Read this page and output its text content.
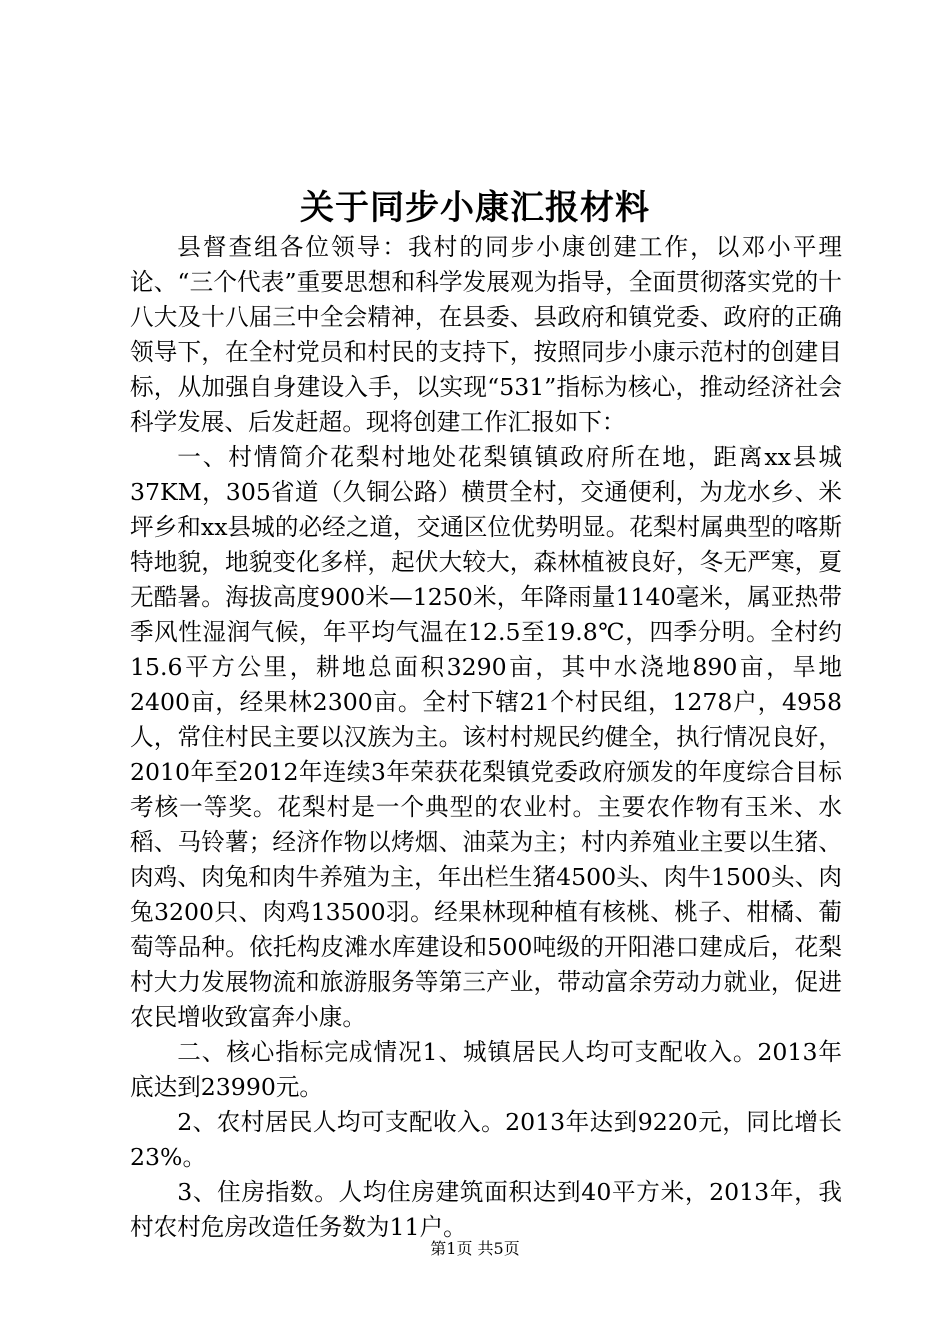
关于同步小康汇报材料

县督查组各位领导：我村的同步小康创建工作，以邓小平理论、“三个代表”重要思想和科学发展观为指导，全面贯彻落实党的十八大及十八届三中全会精神，在县委、县政府和镇党委、政府的正确领导下，在全村党员和村民的支持下，按照同步小康示范村的创建目标，从加强自身建设入手，以实现“531”指标为核心，推动经济社会科学发展、后发赶超。现将创建工作汇报如下：

一、村情简介花梨村地处花梨镇镇政府所在地，距离xx县城37KM，305省道（久铜公路）横贯全村，交通便利，为龙水乡、米坪乡和xx县城的必经之道，交通区位优势明显。花梨村属典型的喀斯特地貌，地貌变化多样，起伏大较大，森林植被良好，冬无严寒，夏无酷暑。海拔高度900米—1250米，年降雨量1140毫米，属亚热带季风性湿润气候，年平均气温在12.5至19.8℃，四季分明。全村约15.6平方公里，耕地总面积3290亩，其中水浇地890亩，旱地2400亩，经果林2300亩。全村下辖21个村民组，1278户，4958人，常住村民主要以汉族为主。该村村规民约健全，执行情况良好，2010年至2012年连续3年荣获花梨镇党委政府颁发的年度综合目标考核一等奖。花梨村是一个典型的农业村。主要农作物有玉米、水稻、马铃薯；经济作物以烤烟、油菜为主；村内养殖业主要以生猪、肉鸡、肉兔和肉牛养殖为主，年出栏生猪4500头、肉牛1500头、肉兔3200只、肉鸡13500羽。经果林现种植有核桃、桃子、柑橘、葡萄等品种。依托构皮滩水库建设和500吨级的开阳港口建成后，花梨村大力发展物流和旅游服务等第三产业，带动富余劳动力就业，促进农民增收致富奔小康。

二、核心指标完成情况1、城镇居民人均可支配收入。2013年底达到23990元。

2、农村居民人均可支配收入。2013年达到9220元，同比增长23%。

3、住房指数。人均住房建筑面积达到40平方米，2013年，我村农村危房改造任务数为11户。

第1页 共5页
